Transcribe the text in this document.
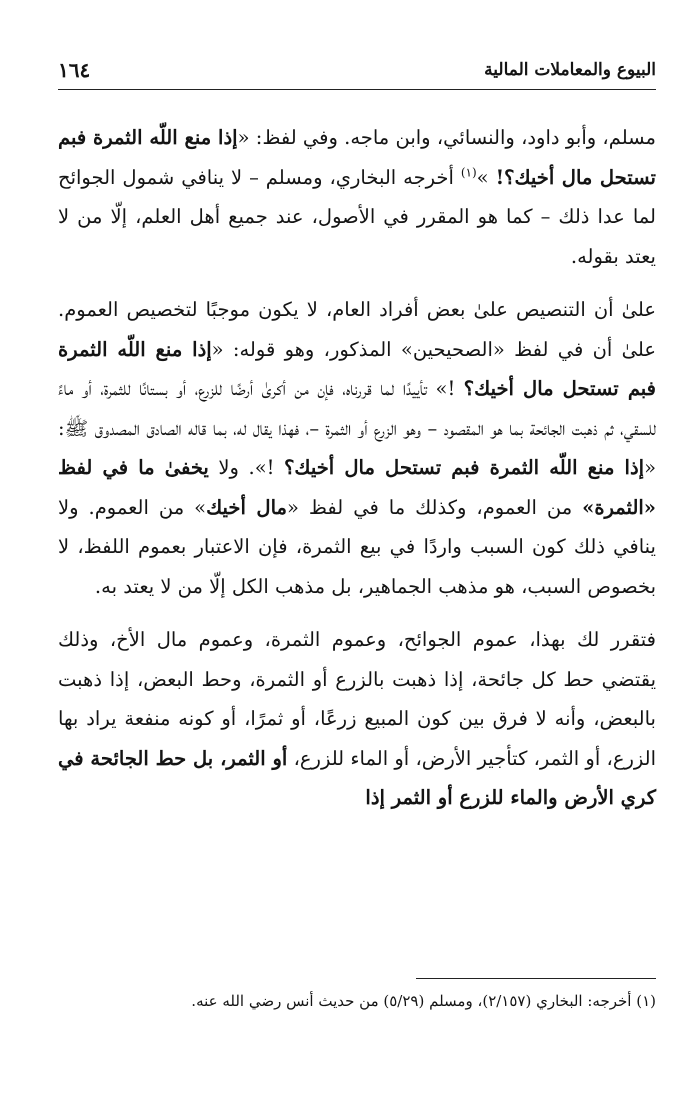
البيوع والمعاملات المالية
١٦٤

مسلم، وأبو داود، والنسائي، وابن ماجه. وفي لفظ: «إذا منع اللّه الثمرة فبم تستحل مال أخيك؟! »$^{(١)}$ أخرجه البخاري، ومسلم – لا ينافي شمول الجوائح لما عدا ذلك – كما هو المقرر في الأصول، عند جميع أهل العلم، إلّا من لا يعتد بقوله.

علىٰ أن التنصيص علىٰ بعض أفراد العام، لا يكون موجبًا لتخصيص العموم. علىٰ أن في لفظ «الصحيحين» المذكور، وهو قوله: «إذا منع اللّه الثمرة فبم تستحل مال أخيك؟ !» تأييدًا لما قررناه، فإن من أكرىٰ أرضًا للزرع، أو بستانًا للثمرة، أو ماءً للسقي، ثم ذهبت الجائحة بما هو المقصود – وهو الزرع أو الثمرة –، فهذا يقال له، بما قاله الصادق المصدوق ﷺ: «إذا منع اللّه الثمرة فبم تستحل مال أخيك؟ !». ولا يخفىٰ ما في لفظ «الثمرة» من العموم، وكذلك ما في لفظ «مال أخيك» من العموم. ولا ينافي ذلك كون السبب واردًا في بيع الثمرة، فإن الاعتبار بعموم اللفظ، لا بخصوص السبب، هو مذهب الجماهير، بل مذهب الكل إلّا من لا يعتد به.

فتقرر لك بهذا، عموم الجوائح، وعموم الثمرة، وعموم مال الأخ، وذلك يقتضي حط كل جائحة، إذا ذهبت بالزرع أو الثمرة، وحط البعض، إذا ذهبت بالبعض، وأنه لا فرق بين كون المبيع زرعًا، أو ثمرًا، أو كونه منفعة يراد بها الزرع، أو الثمر، كتأجير الأرض، أو الماء للزرع، أو الثمر، بل حط الجائحة في كري الأرض والماء للزرع أو الثمر إذا

(١) أخرجه: البخاري (٢/١٥٧)، ومسلم (٥/٢٩) من حديث أنس رضي الله عنه.
